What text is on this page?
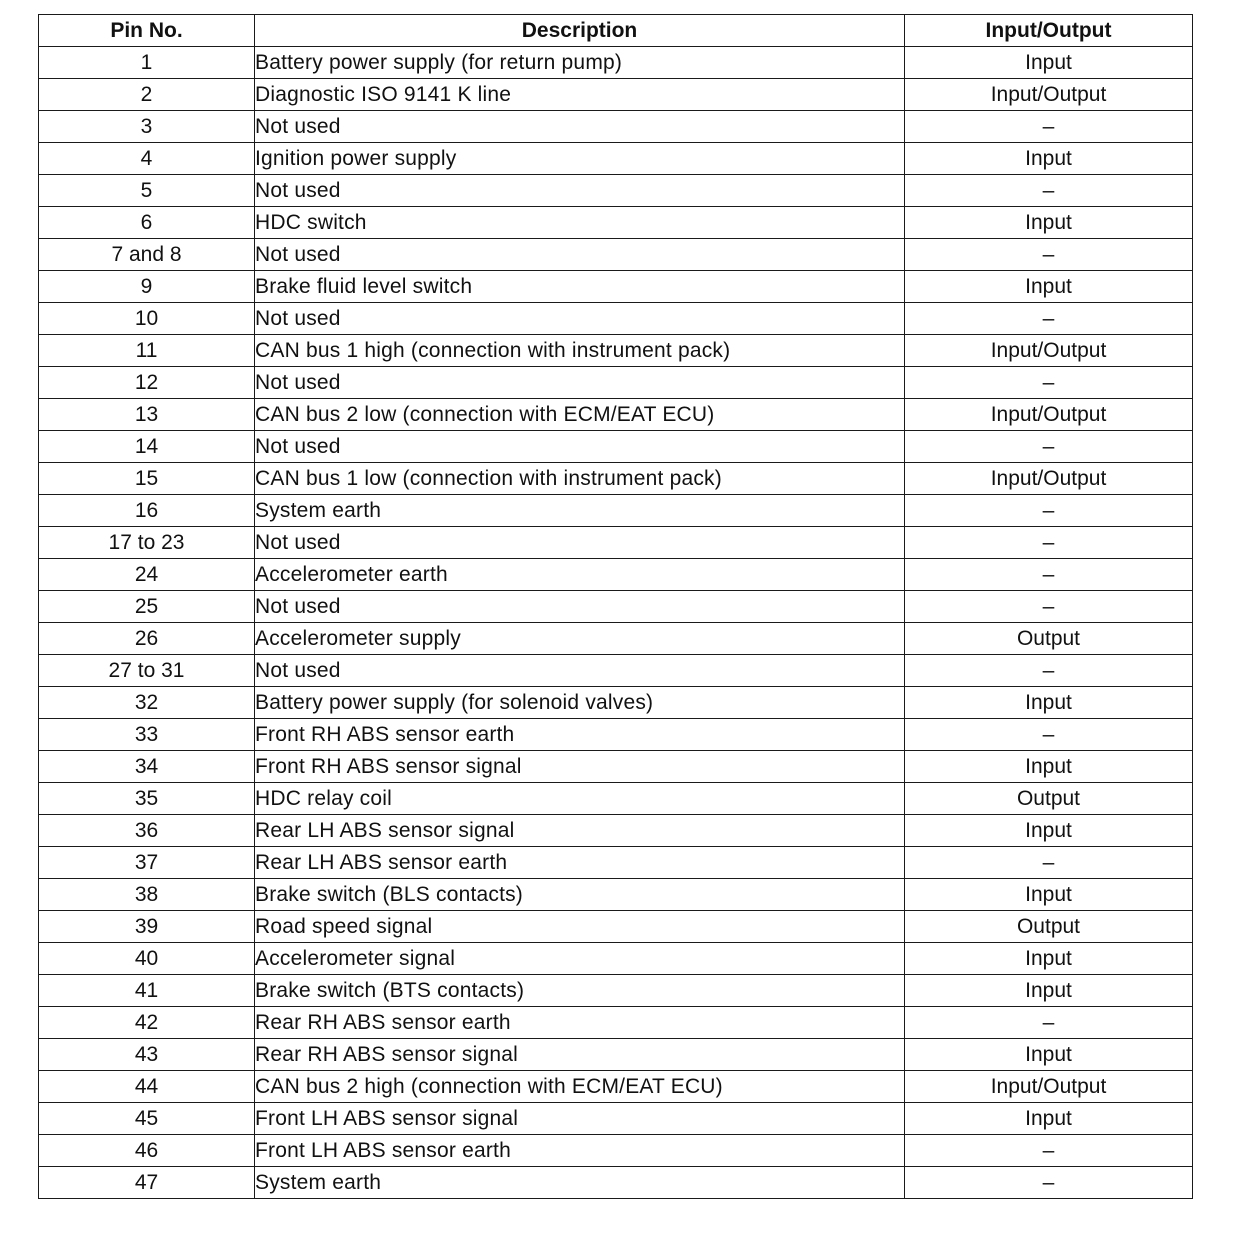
Pin No.	Description	Input/Output
1	Battery power supply (for return pump)	Input
2	Diagnostic ISO 9141 K line	Input/Output
3	Not used	–
4	Ignition power supply	Input
5	Not used	–
6	HDC switch	Input
7 and 8	Not used	–
9	Brake fluid level switch	Input
10	Not used	–
11	CAN bus 1 high (connection with instrument pack)	Input/Output
12	Not used	–
13	CAN bus 2 low (connection with ECM/EAT ECU)	Input/Output
14	Not used	–
15	CAN bus 1 low (connection with instrument pack)	Input/Output
16	System earth	–
17 to 23	Not used	–
24	Accelerometer earth	–
25	Not used	–
26	Accelerometer supply	Output
27 to 31	Not used	–
32	Battery power supply (for solenoid valves)	Input
33	Front RH ABS sensor earth	–
34	Front RH ABS sensor signal	Input
35	HDC relay coil	Output
36	Rear LH ABS sensor signal	Input
37	Rear LH ABS sensor earth	–
38	Brake switch (BLS contacts)	Input
39	Road speed signal	Output
40	Accelerometer signal	Input
41	Brake switch (BTS contacts)	Input
42	Rear RH ABS sensor earth	–
43	Rear RH ABS sensor signal	Input
44	CAN bus 2 high (connection with ECM/EAT ECU)	Input/Output
45	Front LH ABS sensor signal	Input
46	Front LH ABS sensor earth	–
47	System earth	–
